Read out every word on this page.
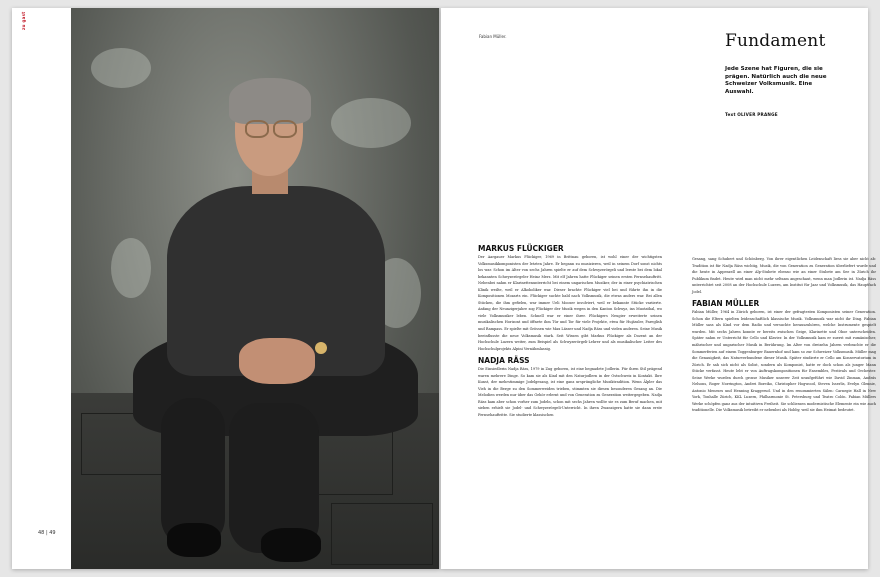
zu gast
48 | 49
Fabian Müller.	Fundament
Jede Szene hat Figuren, die sie prägen. Natürlich auch die neue Schweizer Volksmusik. Eine Auswahl.
Text OLIVER PRANGE
MARKUS FLÜCKIGER

Der Aargauer Markus Flückiger, 1969 in Brittnau geboren, ist wohl einer der wichtigsten Volksmusikkomponisten der letzten Jahre. Er begann zu musizieren, weil in seinem Dorf sonst nichts los war. Schon im Alter von sechs Jahren spielte er auf dem Schwyzerörgeli und lernte bei dem lokal bekannten Schwyzerörgeler Heinz Merz. Mit elf Jahren hatte Flückiger seinen ersten Fernsehauftritt. Nebenbei nahm er Klarinettenunterricht bei einem ungarischen Musiker, der in einer psychiatrischen Klinik weilte, weil er Alkoholiker war. Dieser brachte Flückiger viel bei und führte ihn in die Kompositionen Mozarts ein. Flückiger suchte bald nach Volksmusik, die etwas anders war. Bei allen Stücken, die ihm gefielen, war immer Ueli Mooser involviert, weil er bekannte Stücke variierte. Anfang der Neunzigerjahre zog Flückiger der Musik wegen in den Kanton Schwyz, ins Muotathal, wo viele Volksmusiker leben. Schnell war er einer ihrer. Flückigers Neugier erweiterte seinen musikalischen Horizont und öffnete ihm Tür und Tor für viele Projekte, etwa für Hujässler, Pareglish und Rampass. Er spielte mit Grössen wie Max Lässer und Nadja Räss und vielen anderen. Seine Musik beeinflusste die neue Volksmusik stark. Seit Wissen gibt Markus Flückiger als Dozent an der Hochschule Luzern weiter, zum Beispiel als Schwyzerörgeli-Lehrer und als musikalischer Leiter des Hochschulprojekts Alpini Vernähmlassig.

NADJA RÄSS

Die Einsiedlerin Nadja Räss, 1979 in Zug geboren, ist eine begnadete Jodlerin. Für ihren Stil prägend waren mehrere Dinge. So kam sie als Kind mit den Naturjodlern in der Ostschweiz in Kontakt. Ihre Kunst, der mehrstimmige Jodelgesang, ist eine ganz ursprüngliche Musiktradition. Wenn Älpler das Vieh in die Berge zu den Sommerweiden trieben, stimmten sie diesen besonderen Gesang an. Die Melodien werden nur über das Gehör erlernt und von Generation zu Generation weitergegeben. Nadja Räss kam aber schon vorher zum Jodeln, schon mit sechs Jahren wollte sie es zum Beruf machen, mit sieben erhielt sie Jodel- und Schwyzerörgeli-Unterricht. In ihren Zwanzigern hatte sie dann erste Fernsehauftritte. Sie studierte klassischen

Gesang, sang Schubert und Schönberg. Von ihrer eigentlichen Leidenschaft liess sie aber nicht ab: Tradition ist für Nadja Räss wichtig, Musik, die von Generation zu Generation überliefert wurde und die heute in Appenzell an einer Alp-Stubete ebenso wie an einer Stubete am See in Zürich ihr Publikum findet. Heute wird man nicht mehr seltsam angeschaut, wenn man Jodlerin ist. Nadja Räss unterrichtet seit 2008 an der Hochschule Luzern, am Institut für Jazz und Volksmusik, das Hauptfach Jodel.

FABIAN MÜLLER

Fabian Müller, 1964 in Zürich geboren, ist einer der gefragtesten Komponisten seiner Generation. Schon die Eltern spielten leidenschaftlich klassische Musik. Volksmusik war nicht ihr Ding. Fabian Müller sass als Kind vor dem Radio und versuchte herauszuhören, welche Instrumente gespielt wurden. Mit sechs Jahren konnte er bereits zwischen Geige, Klarinette und Oboe unterscheiden. Später nahm er Unterricht für Cello und Klavier. In der Volksmusik kam er zuerst mit rumänischer, mährischer und ungarischer Musik in Berührung. Im Alter von dreizehn Jahren verbrachte er die Sommerferien auf einem Toggenburger Bauernhof und kam so zur Schweizer Volksmusik. Müller mag die Genauigkeit, das Naturverbundene dieser Musik. Später studierte er Cello am Konservatorium in Zürich. Er sah sich nicht als Solist, sondern als Komponist, hatte er doch schon als junger Mann Stücke verfasst. Heute lebt er von Auftragskompositionen für Ensembles, Festivals und Orchester. Seine Werke wurden durch grosse Musiker unserer Zeit uraufgeführt wie David Zinman, András Nelsons, Roger Norrington, Andrei Boreiko, Christopher Hogwood, Steven Isserlis, Evelyn Glennie, Antonio Meneses und Henning Kraggerud. Und in den renommierten Sälen: Carnegie Hall in New York, Tonhalle Zürich, KKL Luzern, Philharmonie St. Petersburg und Teatro Colón. Fabian Müllers Werke schöpfen ganz aus der intuitiven Freiheit. Sie schliessen modernistische Elemente ein wie auch traditionelle. Die Volksmusik betreibt er nebenbei als Hobby, weil sie ihm Heimat bedeutet.
